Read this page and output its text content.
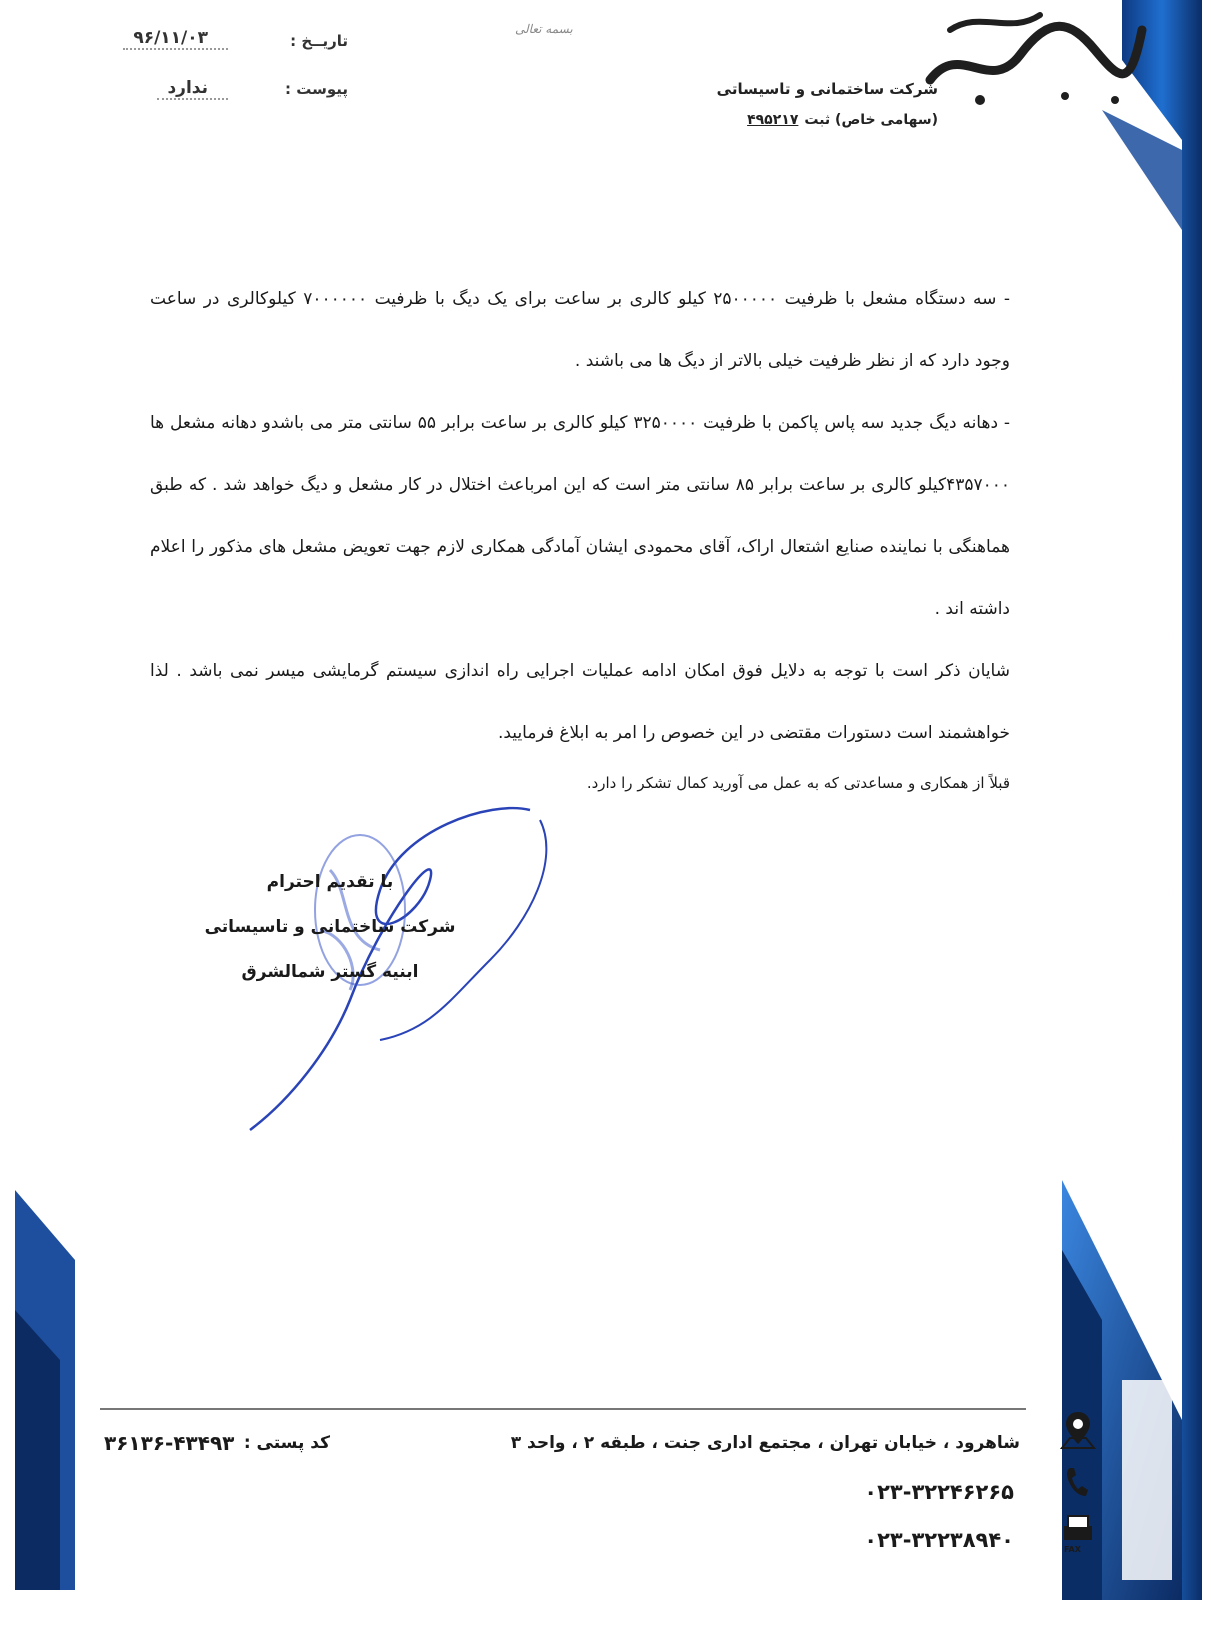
بسمه تعالی
شرکت ساختمانی و تاسیساتی
(سهامی خاص) ثبت۴۹۵۲۱۷
تاریــخ :
۹۶/۱۱/۰۳
پیوست :
ندارد
- سه دستگاه مشعل با ظرفیت ۲۵۰۰۰۰۰ کیلو کالری بر ساعت برای یک دیگ با ظرفیت ۷۰۰۰۰۰۰ کیلوکالری در ساعت وجود دارد که از نظر ظرفیت خیلی بالاتر از دیگ ها می باشند .
- دهانه دیگ جدید سه پاس پاکمن با ظرفیت ۳۲۵۰۰۰۰ کیلو کالری بر ساعت برابر ۵۵ سانتی متر می باشدو دهانه مشعل ها ۴۳۵۷۰۰۰کیلو کالری بر ساعت برابر ۸۵ سانتی متر است که این امرباعث اختلال در کار مشعل و دیگ خواهد شد . که طبق هماهنگی با نماینده صنایع اشتعال اراک، آقای محمودی ایشان آمادگی همکاری لازم جهت تعویض مشعل های مذکور را اعلام داشته اند .
شایان ذکر است با توجه به دلایل فوق امکان ادامه عملیات اجرایی راه اندازی سیستم گرمایشی میسر نمی باشد . لذا خواهشمند است دستورات مقتضی در این خصوص را امر به ابلاغ فرمایید.
قبلاً از همکاری و مساعدتی که به عمل می آورید کمال تشکر را دارد.
با تقدیم احترام
شرکت ساختمانی و تاسیساتی
ابنیه گستر شمالشرق
FAX
شاهرود ، خیابان تهران ، مجتمع اداری جنت ، طبقه ۲ ، واحد ۳
کد پستی :
۳۶۱۳۶-۴۳۴۹۳
۰۲۳-۳۲۲۴۶۲۶۵
۰۲۳-۳۲۲۳۸۹۴۰
